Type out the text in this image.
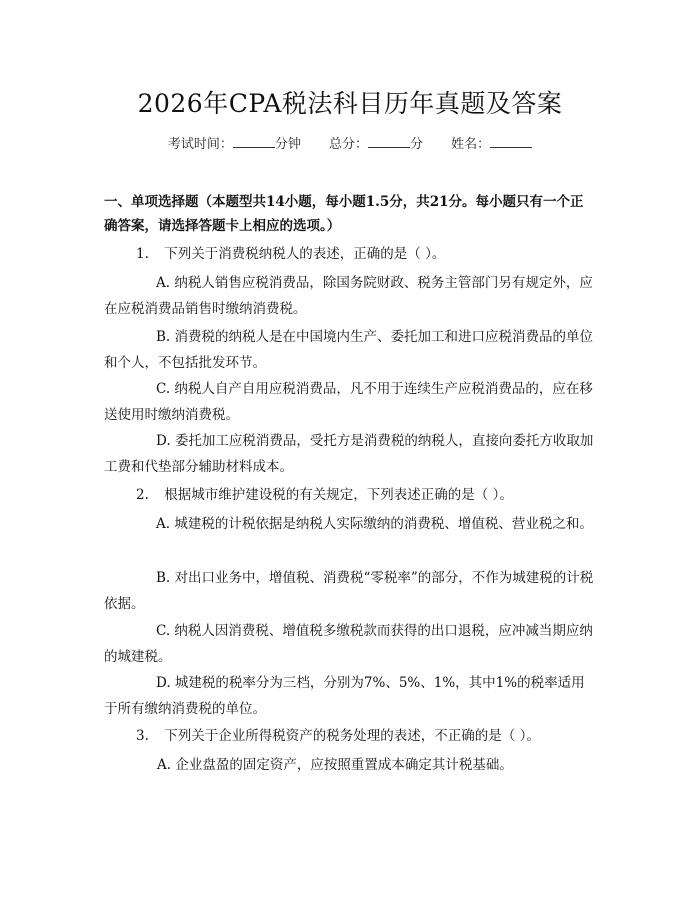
2026年CPA税法科目历年真题及答案
考试时间：	分钟 总分：	分 姓名：
一、单项选择题（本题型共14小题，每小题1.5分，共21分。每小题只有一个正确答案，请选择答题卡上相应的选项。）
1. 下列关于消费税纳税人的表述，正确的是（ ）。
A. 纳税人销售应税消费品，除国务院财政、税务主管部门另有规定外，应在应税消费品销售时缴纳消费税。
B. 消费税的纳税人是在中国境内生产、委托加工和进口应税消费品的单位和个人，不包括批发环节。
C. 纳税人自产自用应税消费品，凡不用于连续生产应税消费品的，应在移送使用时缴纳消费税。
D. 委托加工应税消费品，受托方是消费税的纳税人，直接向委托方收取加工费和代垫部分辅助材料成本。
2. 根据城市维护建设税的有关规定，下列表述正确的是（ ）。
A. 城建税的计税依据是纳税人实际缴纳的消费税、增值税、营业税之和。
B. 对出口业务中，增值税、消费税“零税率”的部分，不作为城建税的计税依据。
C. 纳税人因消费税、增值税多缴税款而获得的出口退税，应冲减当期应纳的城建税。
D. 城建税的税率分为三档，分别为7%、5%、1%，其中1%的税率适用于所有缴纳消费税的单位。
3. 下列关于企业所得税资产的税务处理的表述，不正确的是（ ）。
A. 企业盘盈的固定资产，应按照重置成本确定其计税基础。
